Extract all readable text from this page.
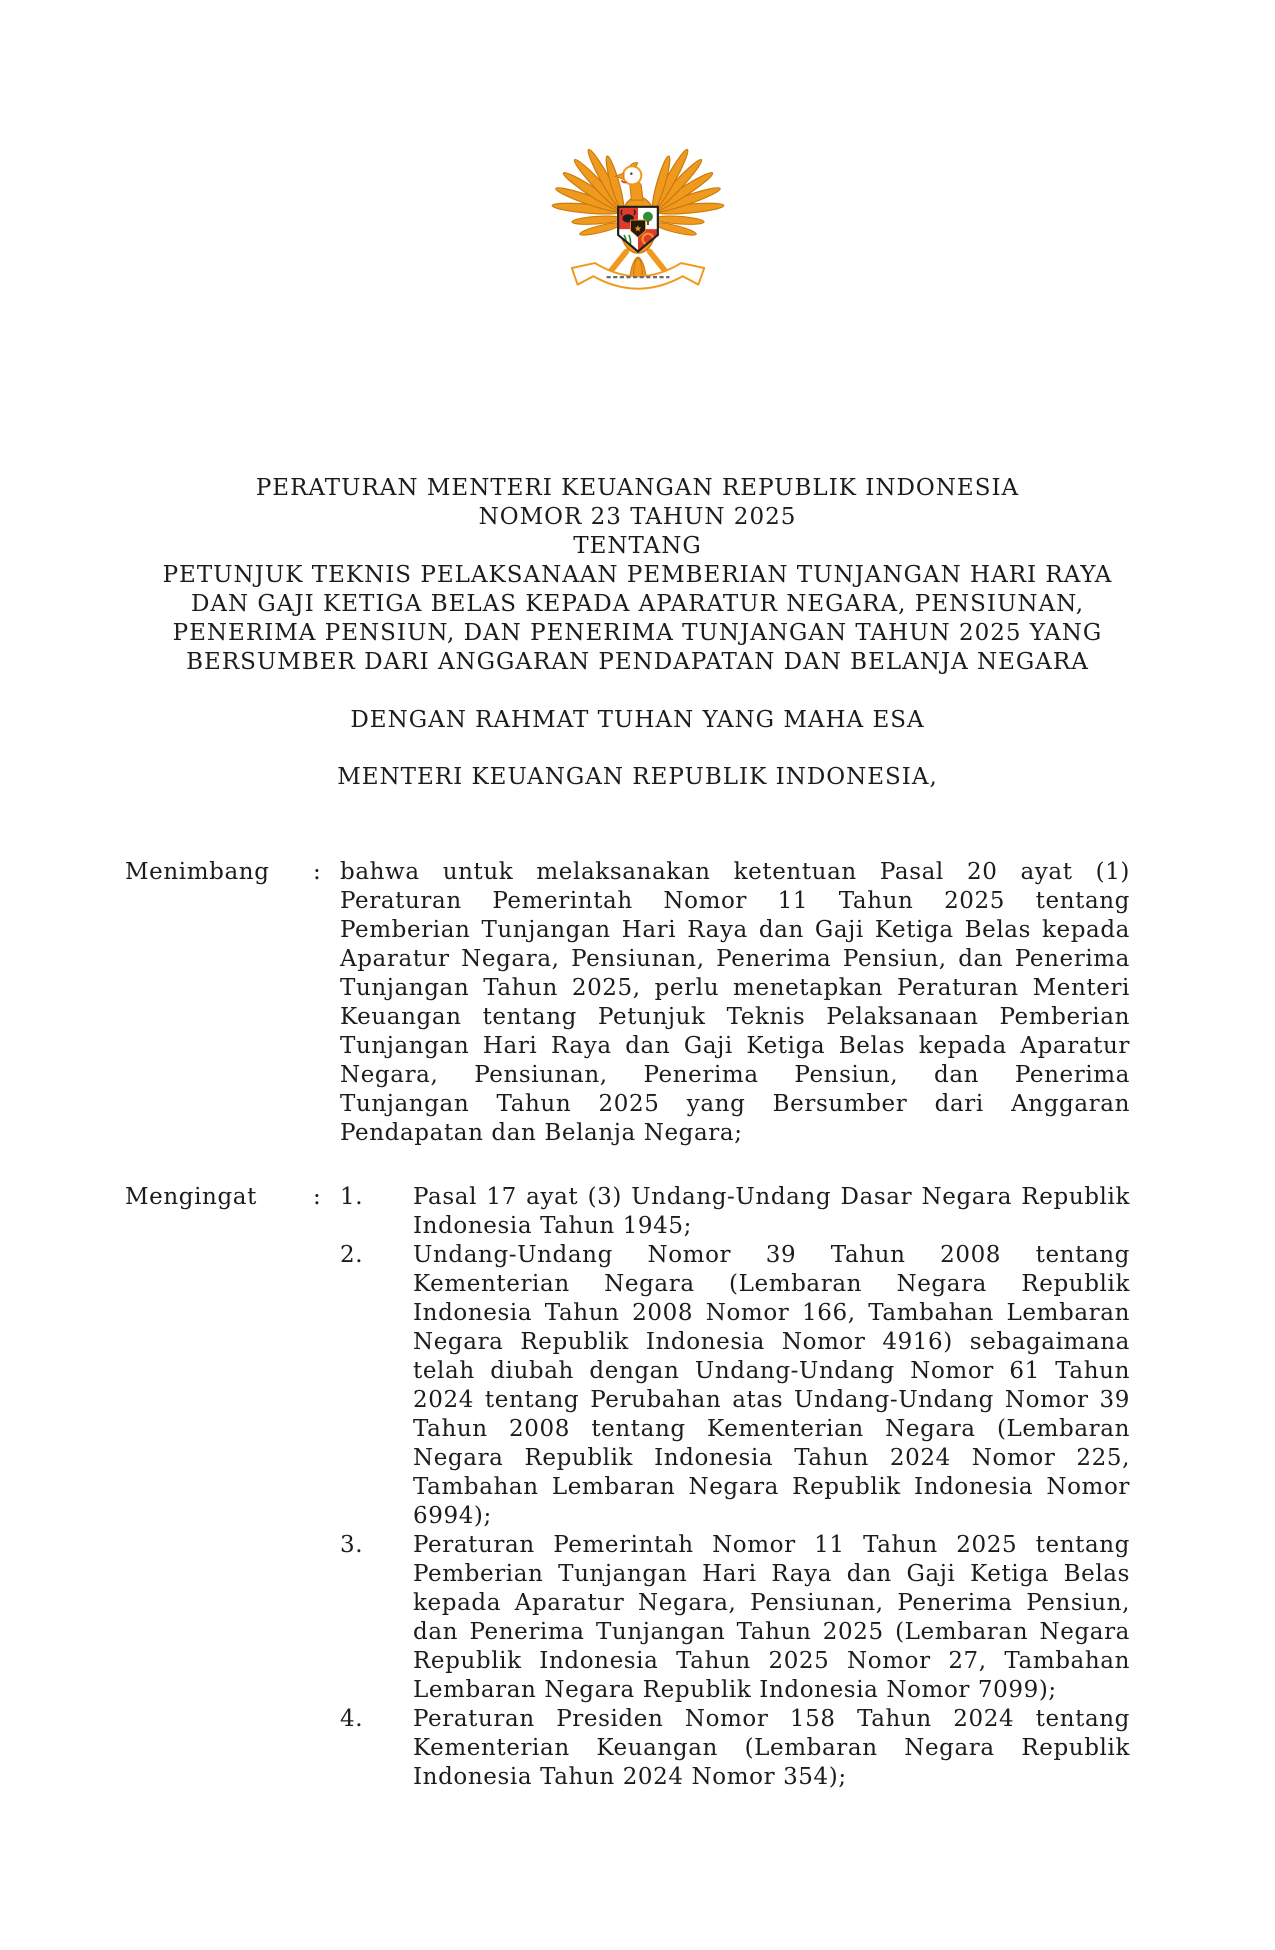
★
PERATURAN MENTERI KEUANGAN REPUBLIK INDONESIA
NOMOR 23 TAHUN 2025
TENTANG
PETUNJUK TEKNIS PELAKSANAAN PEMBERIAN TUNJANGAN HARI RAYA
DAN GAJI KETIGA BELAS KEPADA APARATUR NEGARA, PENSIUNAN,
PENERIMA PENSIUN, DAN PENERIMA TUNJANGAN TAHUN 2025 YANG
BERSUMBER DARI ANGGARAN PENDAPATAN DAN BELANJA NEGARA
DENGAN RAHMAT TUHAN YANG MAHA ESA
MENTERI KEUANGAN REPUBLIK INDONESIA,
Menimbang	: bahwa untuk melaksanakan ketentuan Pasal 20 ayat (1)
Peraturan Pemerintah Nomor 11 Tahun 2025 tentang
Pemberian Tunjangan Hari Raya dan Gaji Ketiga Belas kepada
Aparatur Negara, Pensiunan, Penerima Pensiun, dan Penerima
Tunjangan Tahun 2025, perlu menetapkan Peraturan Menteri
Keuangan tentang Petunjuk Teknis Pelaksanaan Pemberian
Tunjangan Hari Raya dan Gaji Ketiga Belas kepada Aparatur
Negara, Pensiunan, Penerima Pensiun, dan Penerima
Tunjangan Tahun 2025 yang Bersumber dari Anggaran
Pendapatan dan Belanja Negara;
Mengingat	: 1.	Pasal 17 ayat (3) Undang-Undang Dasar Negara Republik
Indonesia Tahun 1945;
2.	Undang-Undang Nomor 39 Tahun 2008 tentang
Kementerian Negara (Lembaran Negara Republik
Indonesia Tahun 2008 Nomor 166, Tambahan Lembaran
Negara Republik Indonesia Nomor 4916) sebagaimana
telah diubah dengan Undang-Undang Nomor 61 Tahun
2024 tentang Perubahan atas Undang-Undang Nomor 39
Tahun 2008 tentang Kementerian Negara (Lembaran
Negara Republik Indonesia Tahun 2024 Nomor 225,
Tambahan Lembaran Negara Republik Indonesia Nomor
6994);
3.	Peraturan Pemerintah Nomor 11 Tahun 2025 tentang
Pemberian Tunjangan Hari Raya dan Gaji Ketiga Belas
kepada Aparatur Negara, Pensiunan, Penerima Pensiun,
dan Penerima Tunjangan Tahun 2025 (Lembaran Negara
Republik Indonesia Tahun 2025 Nomor 27, Tambahan
Lembaran Negara Republik Indonesia Nomor 7099);
4.	Peraturan Presiden Nomor 158 Tahun 2024 tentang
Kementerian Keuangan (Lembaran Negara Republik
Indonesia Tahun 2024 Nomor 354);
